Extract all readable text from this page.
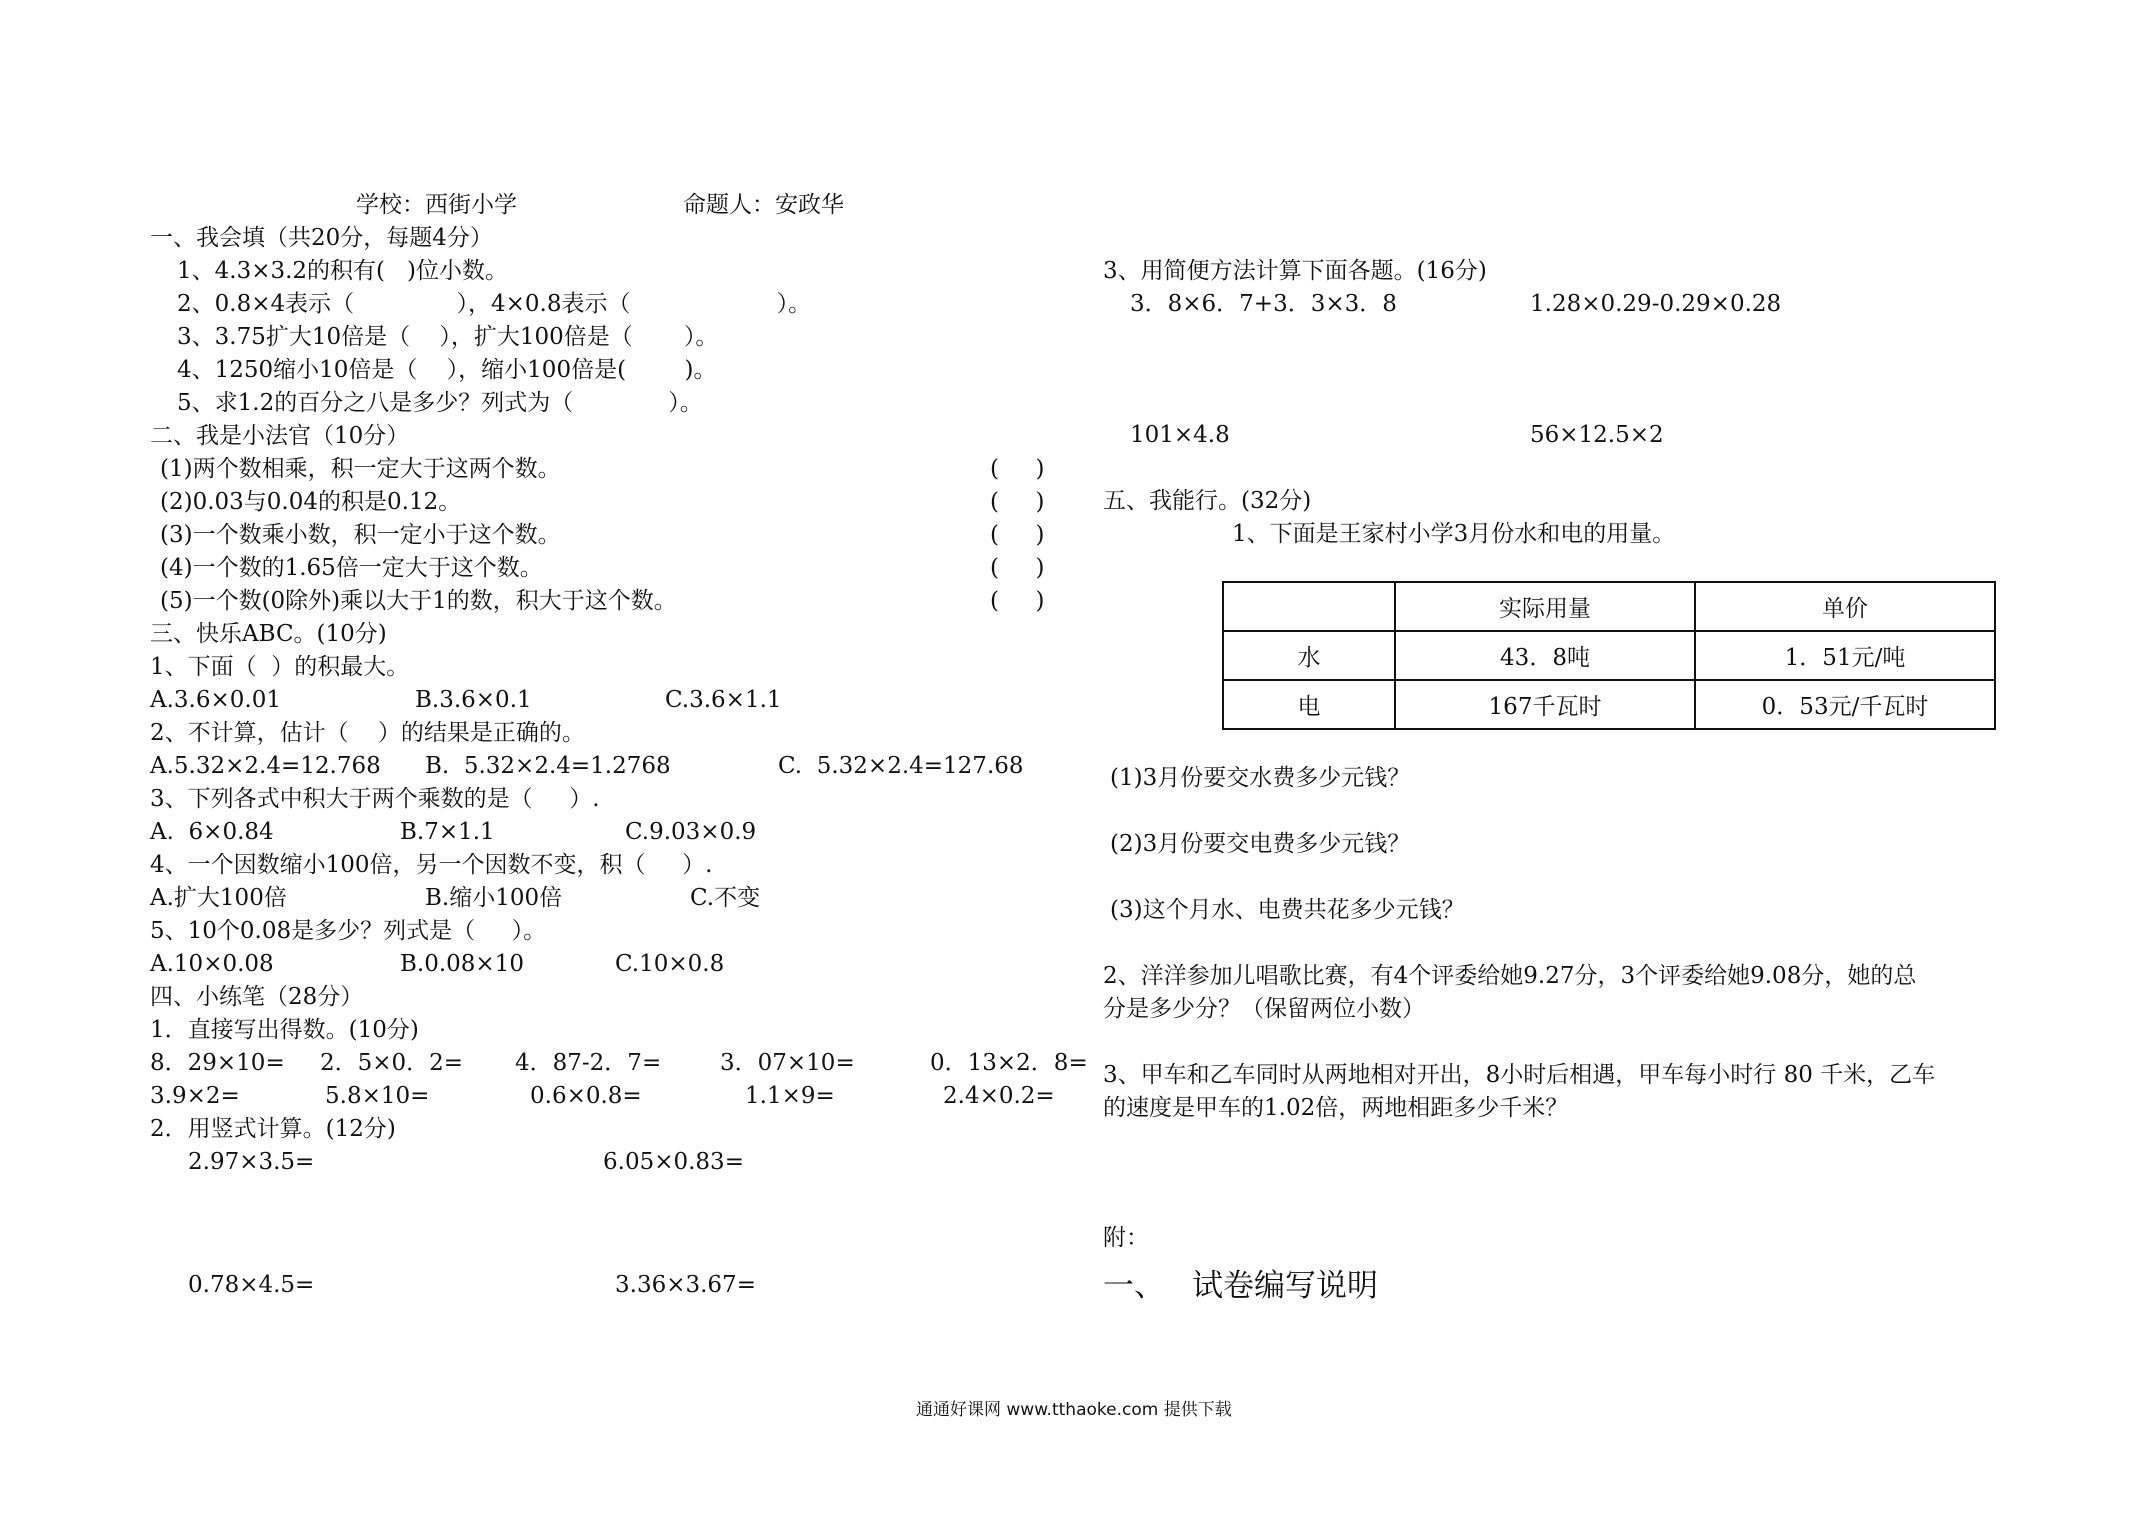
学校：西街小学	命题人：安政华
一、我会填（共20分，每题4分）
1、4.3×3.2的积有(   )位小数。
2、0.8×4表示（              ），4×0.8表示（                    ）。
3、3.75扩大10倍是（    ），扩大100倍是（       ）。
4、1250缩小10倍是（    ），缩小100倍是(        )。
5、求1.2的百分之八是多少？列式为（             ）。
二、我是小法官（10分）
(1)两个数相乘，积一定大于这两个数。	(     )
(2)0.03与0.04的积是0.12。	(     )
(3)一个数乘小数，积一定小于这个数。	(     )
(4)一个数的1.65倍一定大于这个数。	(     )
(5)一个数(0除外)乘以大于1的数，积大于这个数。	(     )
三、快乐ABC。(10分)
1、下面（  ）的积最大。
A.3.6×0.01	B.3.6×0.1	C.3.6×1.1
2、不计算，估计（    ）的结果是正确的。
A.5.32×2.4=12.768 B.  5.32×2.4=1.2768	C.  5.32×2.4=127.68
3、下列各式中积大于两个乘数的是（     ）.
A.  6×0.84	B.7×1.1	C.9.03×0.9
4、一个因数缩小100倍，另一个因数不变，积（     ）.
A.扩大100倍	B.缩小100倍	C.不变
5、10个0.08是多少？列式是（     ）。
A.10×0.08	B.0.08×10	C.10×0.8
四、小练笔（28分）
1．直接写出得数。(10分)
8．29×10= 2．5×0．2= 4．87-2．7=	3．07×10=	0．13×2．8=
3.9×2=	5.8×10=	0.6×0.8=	1.1×9=	2.4×0.2=
2．用竖式计算。(12分)
2.97×3.5=	6.05×0.83=
0.78×4.5=	3.36×3.67=
3、用简便方法计算下面各题。(16分)
3．8×6．7+3．3×3．8	1.28×0.29-0.29×0.28
101×4.8	56×12.5×2
五、我能行。(32分)
1、下面是王家村小学3月份水和电的用量。
	实际用量	单价
水	43．8吨	1．51元/吨
电	167千瓦时	0．53元/千瓦时
(1)3月份要交水费多少元钱？
(2)3月份要交电费多少元钱？
(3)这个月水、电费共花多少元钱？
2、洋洋参加儿唱歌比赛，有4个评委给她9.27分，3个评委给她9.08分，她的总
分是多少分？（保留两位小数）
3、甲车和乙车同时从两地相对开出，8小时后相遇，甲车每小时行 80 千米，乙车
的速度是甲车的1.02倍，两地相距多少千米？
附：
一、 试卷编写说明
通通好课网 www.tthaoke.com 提供下载
